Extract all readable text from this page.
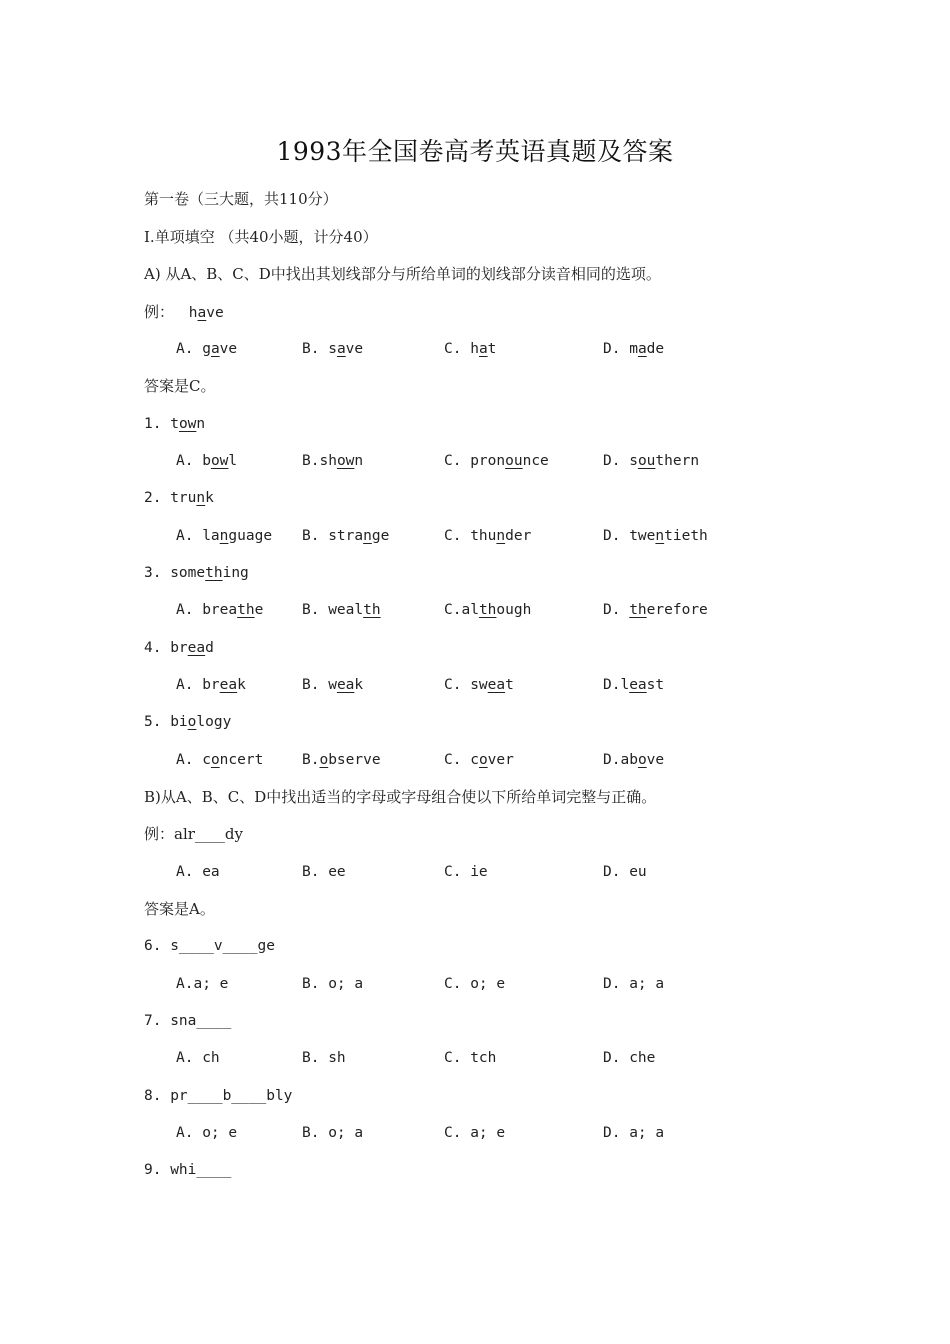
1993年全国卷高考英语真题及答案
第一卷（三大题，共110分）
Ⅰ.单项填空 （共40小题，计分40）
A) 从A、B、C、D中找出其划线部分与所给单词的划线部分读音相同的选项。
例： have
A. gave	B. save	C. hat	D. made
答案是C。
1. town
A. bowl	B.shown	C. pronounce	D. southern
2. trunk
A. language B. strange	C. thunder	D. twentieth
3. something
A. breathe	B. wealth	C.although	D. therefore
4. bread
A. break	B. weak	C. sweat	D.least
5. biology
A. concert	B.observe	C. cover	D.above
B)从A、B、C、D中找出适当的字母或字母组合使以下所给单词完整与正确。
例：alr____dy
A. ea	B. ee	C. ie	D. eu
答案是A。
6. s____v____ge
A.a; e	B. o; a	C. o; e	D. a; a
7. sna____
A. ch	B. sh	C. tch	D. che
8. pr____b____bly
A. o; e	B. o; a	C. a; e	D. a; a
9. whi____
